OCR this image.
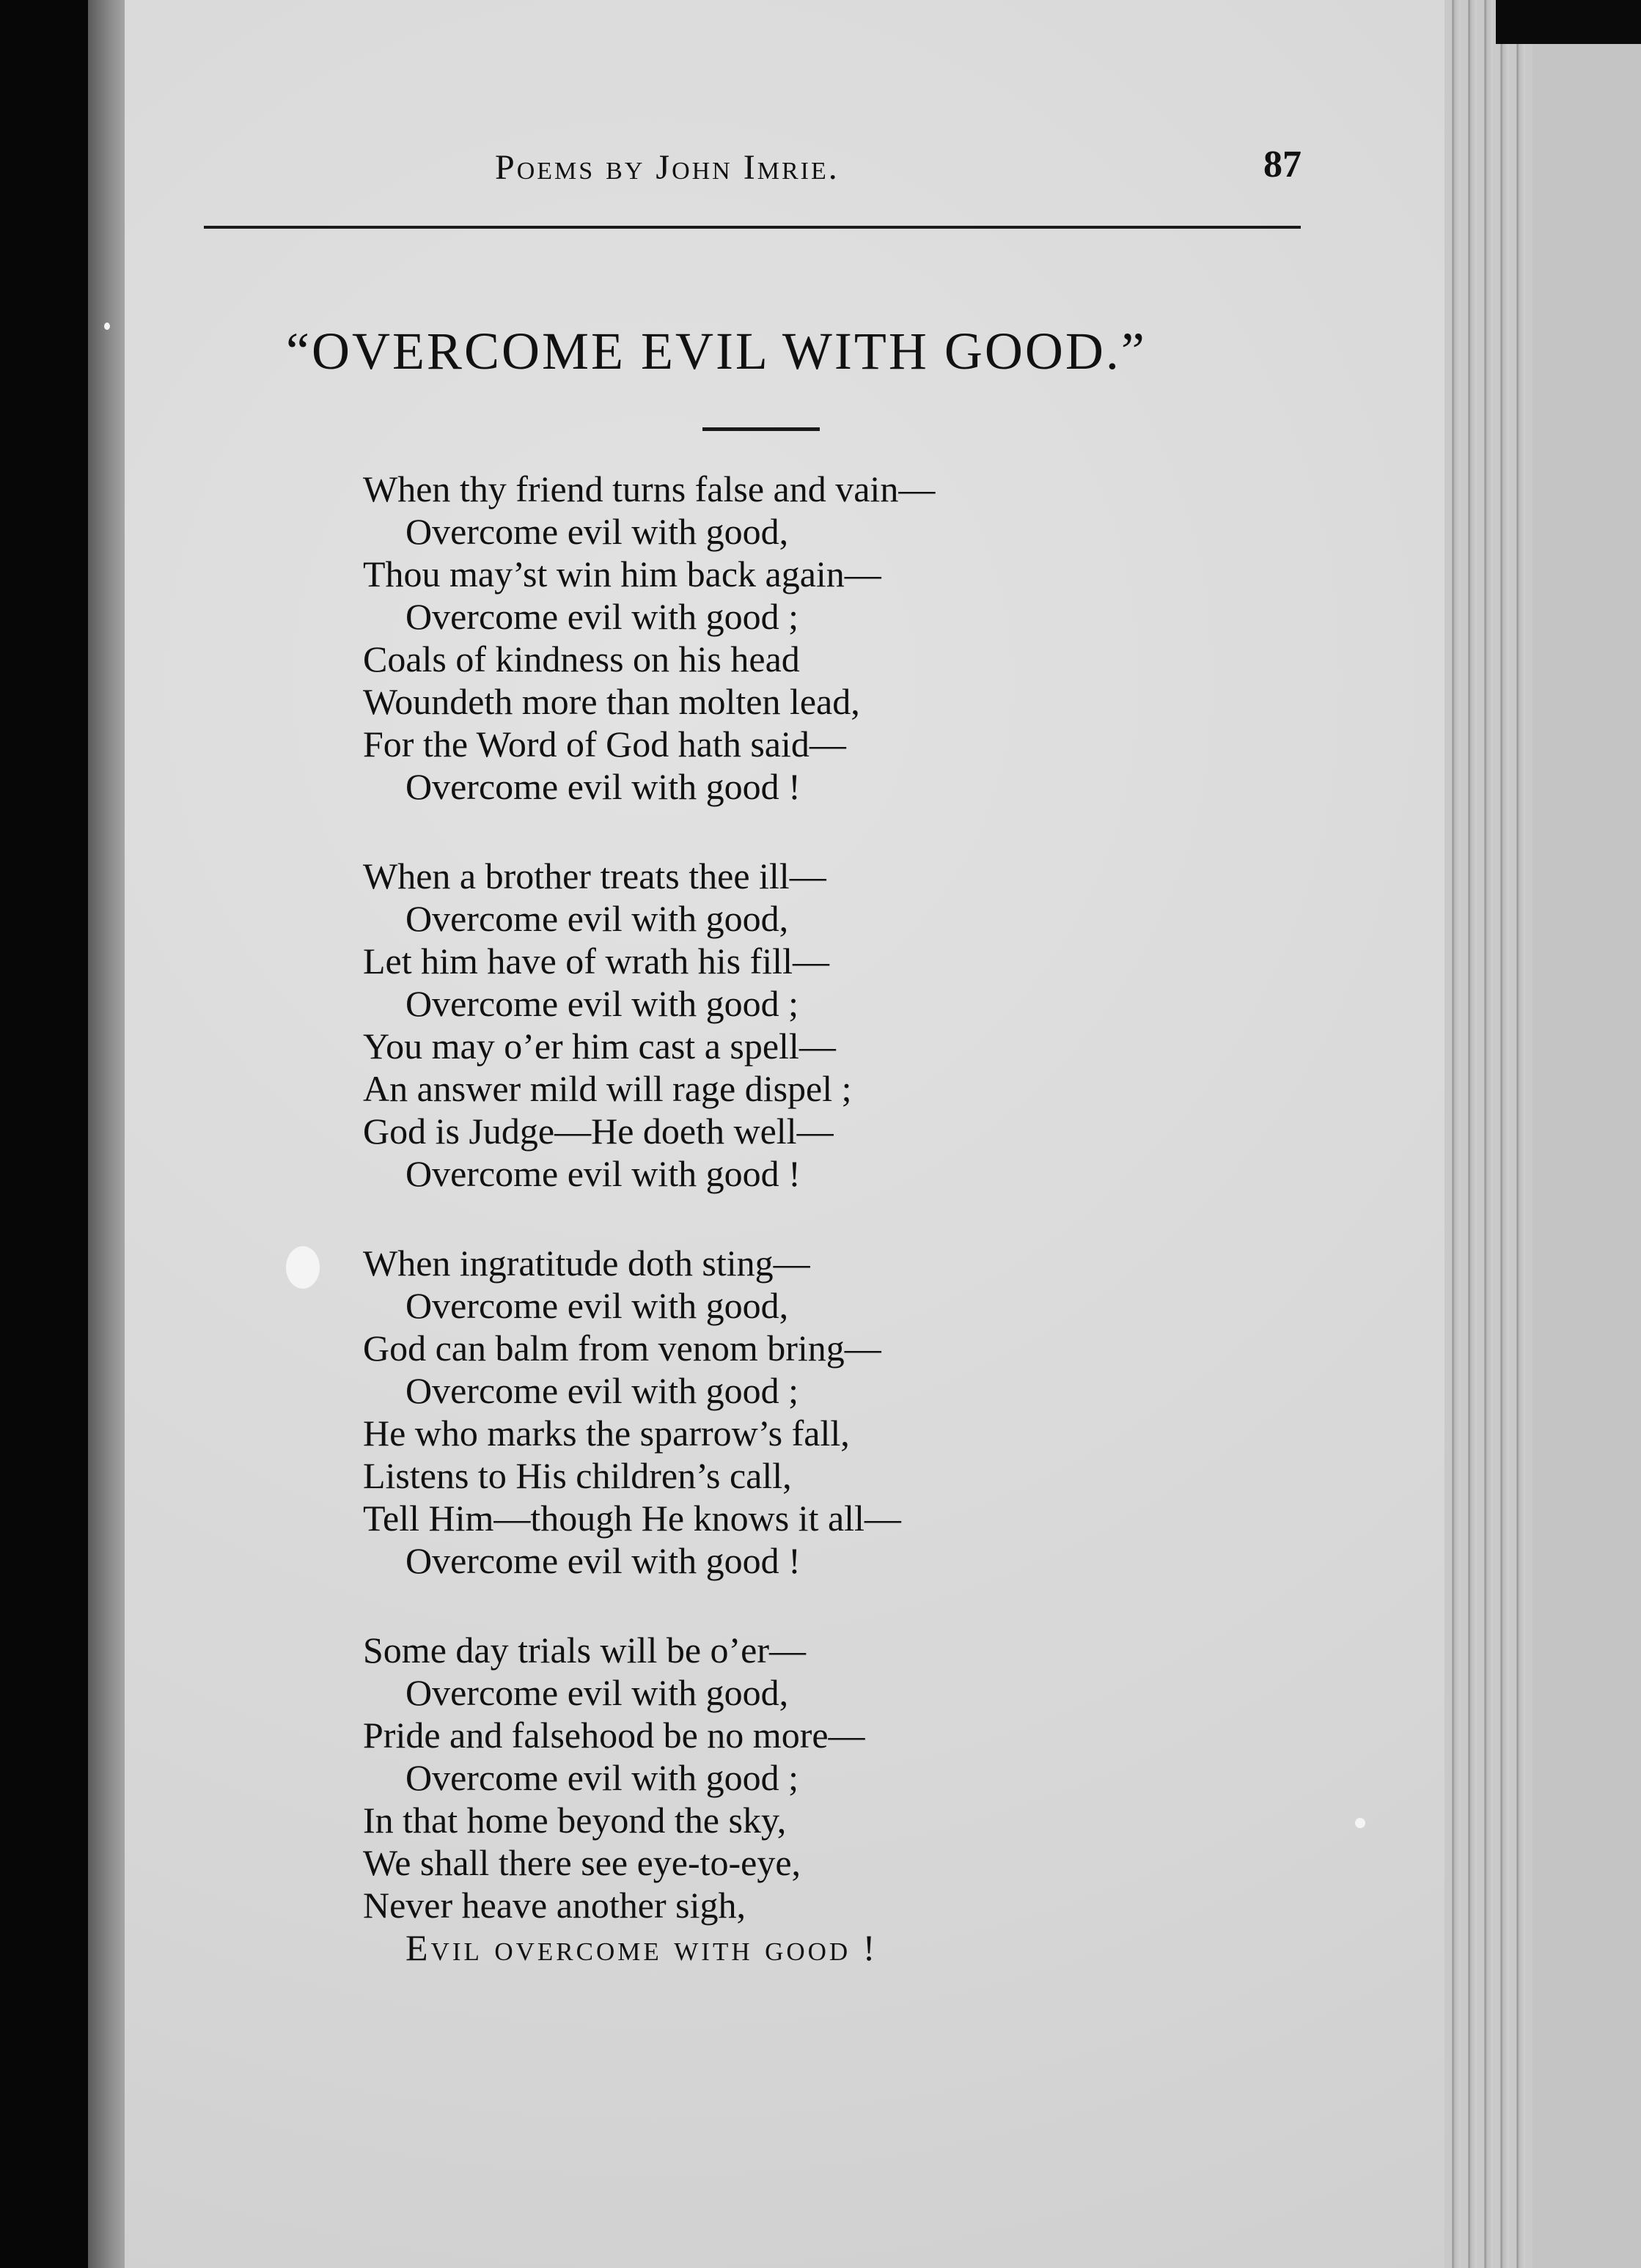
Poems by John Imrie.	87
“OVERCOME EVIL WITH GOOD.”
When thy friend turns false and vain—
Overcome evil with good,
Thou may’st win him back again—
Overcome evil with good ;
Coals of kindness on his head
Woundeth more than molten lead,
For the Word of God hath said—
Overcome evil with good !
When a brother treats thee ill—
Overcome evil with good,
Let him have of wrath his fill—
Overcome evil with good ;
You may o’er him cast a spell—
An answer mild will rage dispel ;
God is Judge—He doeth well—
Overcome evil with good !
When ingratitude doth sting—
Overcome evil with good,
God can balm from venom bring—
Overcome evil with good ;
He who marks the sparrow’s fall,
Listens to His children’s call,
Tell Him—though He knows it all—
Overcome evil with good !
Some day trials will be o’er—
Overcome evil with good,
Pride and falsehood be no more—
Overcome evil with good ;
In that home beyond the sky,
We shall there see eye-to-eye,
Never heave another sigh,
Evil overcome with good !
